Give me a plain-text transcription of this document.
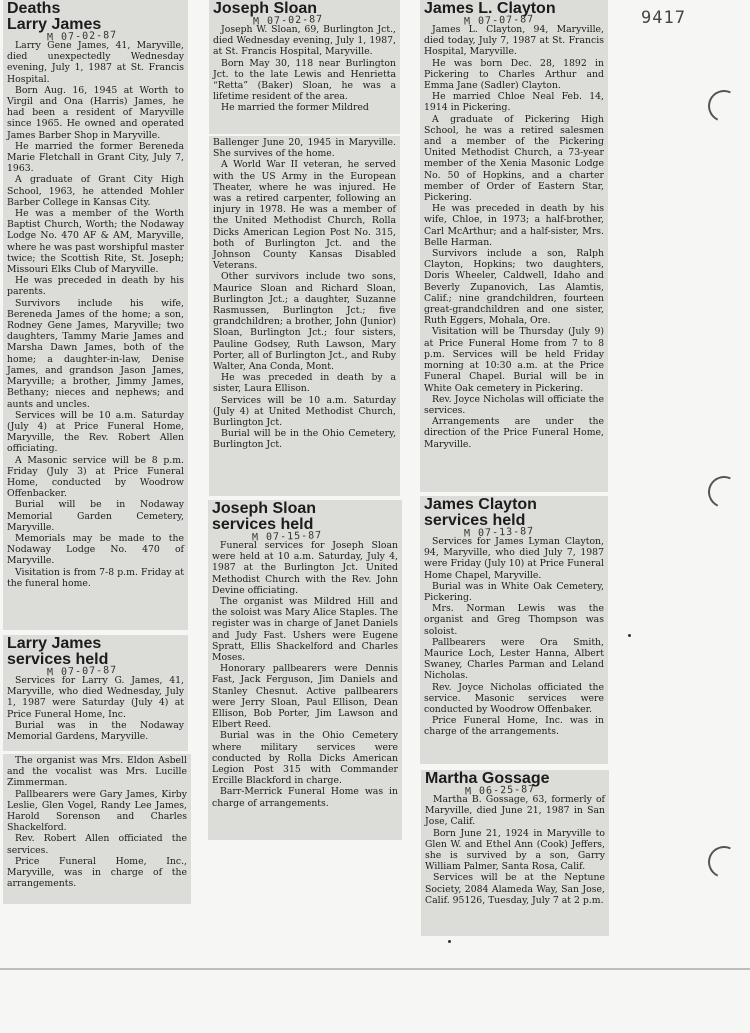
9417
Deaths
Larry James
M 07-02-87

Larry Gene James, 41, Maryville, died unexpectedly Wednesday evening, July 1, 1987 at St. Francis Hospital.

Born Aug. 16, 1945 at Worth to Virgil and Ona (Harris) James, he had been a resident of Maryville since 1965. He owned and operated James Barber Shop in Maryville.

He married the former Bereneda Marie Fletchall in Grant City, July 7, 1963.

A graduate of Grant City High School, 1963, he attended Mohler Barber College in Kansas City.

He was a member of the Worth Baptist Church, Worth; the Nodaway Lodge No. 470 AF & AM, Maryville, where he was past worshipful master twice; the Scottish Rite, St. Joseph; Missouri Elks Club of Maryville.

He was preceded in death by his parents.

Survivors include his wife, Bereneda James of the home; a son, Rodney Gene James, Maryville; two daughters, Tammy Marie James and Marsha Dawn James, both of the home; a daughter-in-law, Denise James, and grandson Jason James, Maryville; a brother, Jimmy James, Bethany; nieces and nephews; and aunts and uncles.

Services will be 10 a.m. Saturday (July 4) at Price Funeral Home, Maryville, the Rev. Robert Allen officiating.

A Masonic service will be 8 p.m. Friday (July 3) at Price Funeral Home, conducted by Woodrow Offenbacker.

Burial will be in Nodaway Memorial Garden Cemetery, Maryville.

Memorials may be made to the Nodaway Lodge No. 470 of Maryville.

Visitation is from 7-8 p.m. Friday at the funeral home.

Larry James
services held
M 07-07-87

Services for Larry G. James, 41, Maryville, who died Wednesday, July 1, 1987 were Saturday (July 4) at Price Funeral Home, Inc.

Burial was in the Nodaway Memorial Gardens, Maryville.

The organist was Mrs. Eldon Asbell and the vocalist was Mrs. Lucille Zimmerman.

Pallbearers were Gary James, Kirby Leslie, Glen Vogel, Randy Lee James, Harold Sorenson and Charles Shackelford.

Rev. Robert Allen officiated the services.

Price Funeral Home, Inc., Maryville, was in charge of the arrangements.

Joseph Sloan
M 07-02-87

Joseph W. Sloan, 69, Burlington Jct., died Wednesday evening, July 1, 1987, at St. Francis Hospital, Maryville.

Born May 30, 118 near Burlington Jct. to the late Lewis and Henrietta “Retta” (Baker) Sloan, he was a lifetime resident of the area.

He married the former Mildred

Ballenger June 20, 1945 in Maryville. She survives of the home.

A World War II veteran, he served with the US Army in the European Theater, where he was injured. He was a retired carpenter, following an injury in 1978. He was a member of the United Methodist Church, Rolla Dicks American Legion Post No. 315, both of Burlington Jct. and the Johnson County Kansas Disabled Veterans.

Other survivors include two sons, Maurice Sloan and Richard Sloan, Burlington Jct.; a daughter, Suzanne Rasmussen, Burlington Jct.; five grandchildren; a brother, John (Junior) Sloan, Burlington Jct.; four sisters, Pauline Godsey, Ruth Lawson, Mary Porter, all of Burlington Jct., and Ruby Walter, Ana Conda, Mont.

He was preceded in death by a sister, Laura Ellison.

Services will be 10 a.m. Saturday (July 4) at United Methodist Church, Burlington Jct.

Burial will be in the Ohio Cemetery, Burlington Jct.

Joseph Sloan
services held
M 07-15-87

Funeral services for Joseph Sloan were held at 10 a.m. Saturday, July 4, 1987 at the Burlington Jct. United Methodist Church with the Rev. John Devine officiating.

The organist was Mildred Hill and the soloist was Mary Alice Staples. The register was in charge of Janet Daniels and Judy Fast. Ushers were Eugene Spratt, Ellis Shackelford and Charles Moses.

Honorary pallbearers were Dennis Fast, Jack Ferguson, Jim Daniels and Stanley Chesnut. Active pallbearers were Jerry Sloan, Paul Ellison, Dean Ellison, Bob Porter, Jim Lawson and Elbert Reed.

Burial was in the Ohio Cemetery where military services were conducted by Rolla Dicks American Legion Post 315 with Commander Ercille Blackford in charge.

Barr-Merrick Funeral Home was in charge of arrangements.

James L. Clayton
M 07-07-87

James L. Clayton, 94, Maryville, died today, July 7, 1987 at St. Francis Hospital, Maryville.

He was born Dec. 28, 1892 in Pickering to Charles Arthur and Emma Jane (Sadler) Clayton.

He married Chloe Neal Feb. 14, 1914 in Pickering.

A graduate of Pickering High School, he was a retired salesmen and a member of the Pickering United Methodist Church, a 73-year member of the Xenia Masonic Lodge No. 50 of Hopkins, and a charter member of Order of Eastern Star, Pickering.

He was preceded in death by his wife, Chloe, in 1973; a half-brother, Carl McArthur; and a half-sister, Mrs. Belle Harman.

Survivors include a son, Ralph Clayton, Hopkins; two daughters, Doris Wheeler, Caldwell, Idaho and Beverly Zupanovich, Las Alamtis, Calif.; nine grandchildren, fourteen great-grandchildren and one sister, Ruth Eggers, Mohala, Ore.

Visitation will be Thursday (July 9) at Price Funeral Home from 7 to 8 p.m. Services will be held Friday morning at 10:30 a.m. at the Price Funeral Chapel. Burial will be in White Oak cemetery in Pickering.

Rev. Joyce Nicholas will officiate the services.

Arrangements are under the direction of the Price Funeral Home, Maryville.

James Clayton
services held
M 07-13-87

Services for James Lyman Clayton, 94, Maryville, who died July 7, 1987 were Friday (July 10) at Price Funeral Home Chapel, Maryville.

Burial was in White Oak Cemetery, Pickering.

Mrs. Norman Lewis was the organist and Greg Thompson was soloist.

Pallbearers were Ora Smith, Maurice Loch, Lester Hanna, Albert Swaney, Charles Parman and Leland Nicholas.

Rev. Joyce Nicholas officiated the service. Masonic services were conducted by Woodrow Offenbaker.

Price Funeral Home, Inc. was in charge of the arrangements.

Martha Gossage
M 06-25-87

Martha B. Gossage, 63, formerly of Maryville, died June 21, 1987 in San Jose, Calif.

Born June 21, 1924 in Maryville to Glen W. and Ethel Ann (Cook) Jeffers, she is survived by a son, Garry William Palmer, Santa Rosa, Calif.

Services will be at the Neptune Society, 2084 Alameda Way, San Jose, Calif. 95126, Tuesday, July 7 at 2 p.m.
